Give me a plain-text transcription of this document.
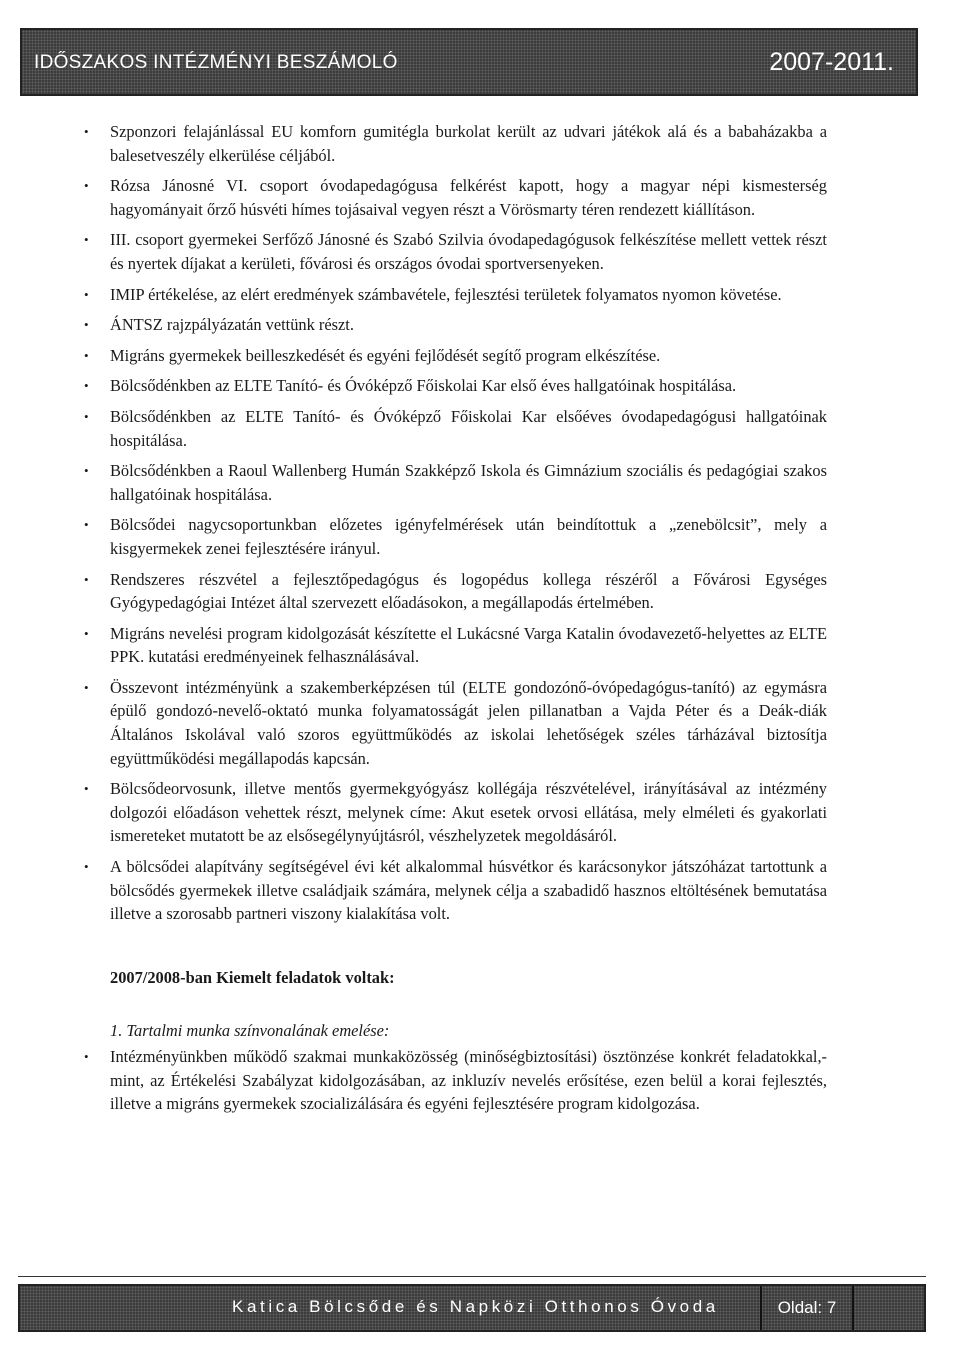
IDŐSZAKOS INTÉZMÉNYI BESZÁMOLÓ	2007-2011.
• Szponzori felajánlással EU komforn gumitégla burkolat került az udvari játékok alá és a babaházakba a balesetveszély elkerülése céljából.
• Rózsa Jánosné VI. csoport óvodapedagógusa felkérést kapott, hogy a magyar népi kismesterség hagyományait őrző húsvéti hímes tojásaival vegyen részt a Vörösmarty téren rendezett kiállításon.
• III. csoport gyermekei Serfőző Jánosné és Szabó Szilvia óvodapedagógusok felkészítése mellett vettek részt és nyertek díjakat a kerületi, fővárosi és országos óvodai sportversenyeken.
• IMIP értékelése, az elért eredmények számbavétele, fejlesztési területek folyamatos nyomon követése.
• ÁNTSZ rajzpályázatán vettünk részt.
• Migráns gyermekek beilleszkedését és egyéni fejlődését segítő program elkészítése.
• Bölcsődénkben az ELTE Tanító- és Óvóképző Főiskolai Kar első éves hallgatóinak hospitálása.
• Bölcsődénkben az ELTE Tanító- és Óvóképző Főiskolai Kar elsőéves óvodapedagógusi hallgatóinak hospitálása.
• Bölcsődénkben a Raoul Wallenberg Humán Szakképző Iskola és Gimnázium szociális és pedagógiai szakos hallgatóinak hospitálása.
• Bölcsődei nagycsoportunkban előzetes igényfelmérések után beindítottuk a „zenebölcsit”, mely a kisgyermekek zenei fejlesztésére irányul.
• Rendszeres részvétel a fejlesztőpedagógus és logopédus kollega részéről a Fővárosi Egységes Gyógypedagógiai Intézet által szervezett előadásokon, a megállapodás értelmében.
• Migráns nevelési program kidolgozását készítette el Lukácsné Varga Katalin óvodavezető-helyettes az ELTE PPK. kutatási eredményeinek felhasználásával.
• Összevont intézményünk a szakemberképzésen túl (ELTE gondozónő-óvópedagógus-tanító) az egymásra épülő gondozó-nevelő-oktató munka folyamatosságát jelen pillanatban a Vajda Péter és a Deák-diák Általános Iskolával való szoros együttműködés az iskolai lehetőségek széles tárházával biztosítja együttműködési megállapodás kapcsán.
• Bölcsődeorvosunk, illetve mentős gyermekgyógyász kollégája részvételével, irányításával az intézmény dolgozói előadáson vehettek részt, melynek címe: Akut esetek orvosi ellátása, mely elméleti és gyakorlati ismereteket mutatott be az elsősegélynyújtásról, vészhelyzetek megoldásáról.
• A bölcsődei alapítvány segítségével évi két alkalommal húsvétkor és karácsonykor játszóházat tartottunk a bölcsődés gyermekek illetve családjaik számára, melynek célja a szabadidő hasznos eltöltésének bemutatása illetve a szorosabb partneri viszony kialakítása volt.
2007/2008-ban Kiemelt feladatok voltak:
1. Tartalmi munka színvonalának emelése:
• Intézményünkben működő szakmai munkaközösség (minőségbiztosítási) ösztönzése konkrét feladatokkal,- mint, az Értékelési Szabályzat kidolgozásában, az inkluzív nevelés erősítése, ezen belül a korai fejlesztés, illetve a migráns gyermekek szocializálására és egyéni fejlesztésére program kidolgozása.
Katica Bölcsőde és Napközi Otthonos Óvoda	Oldal: 7
